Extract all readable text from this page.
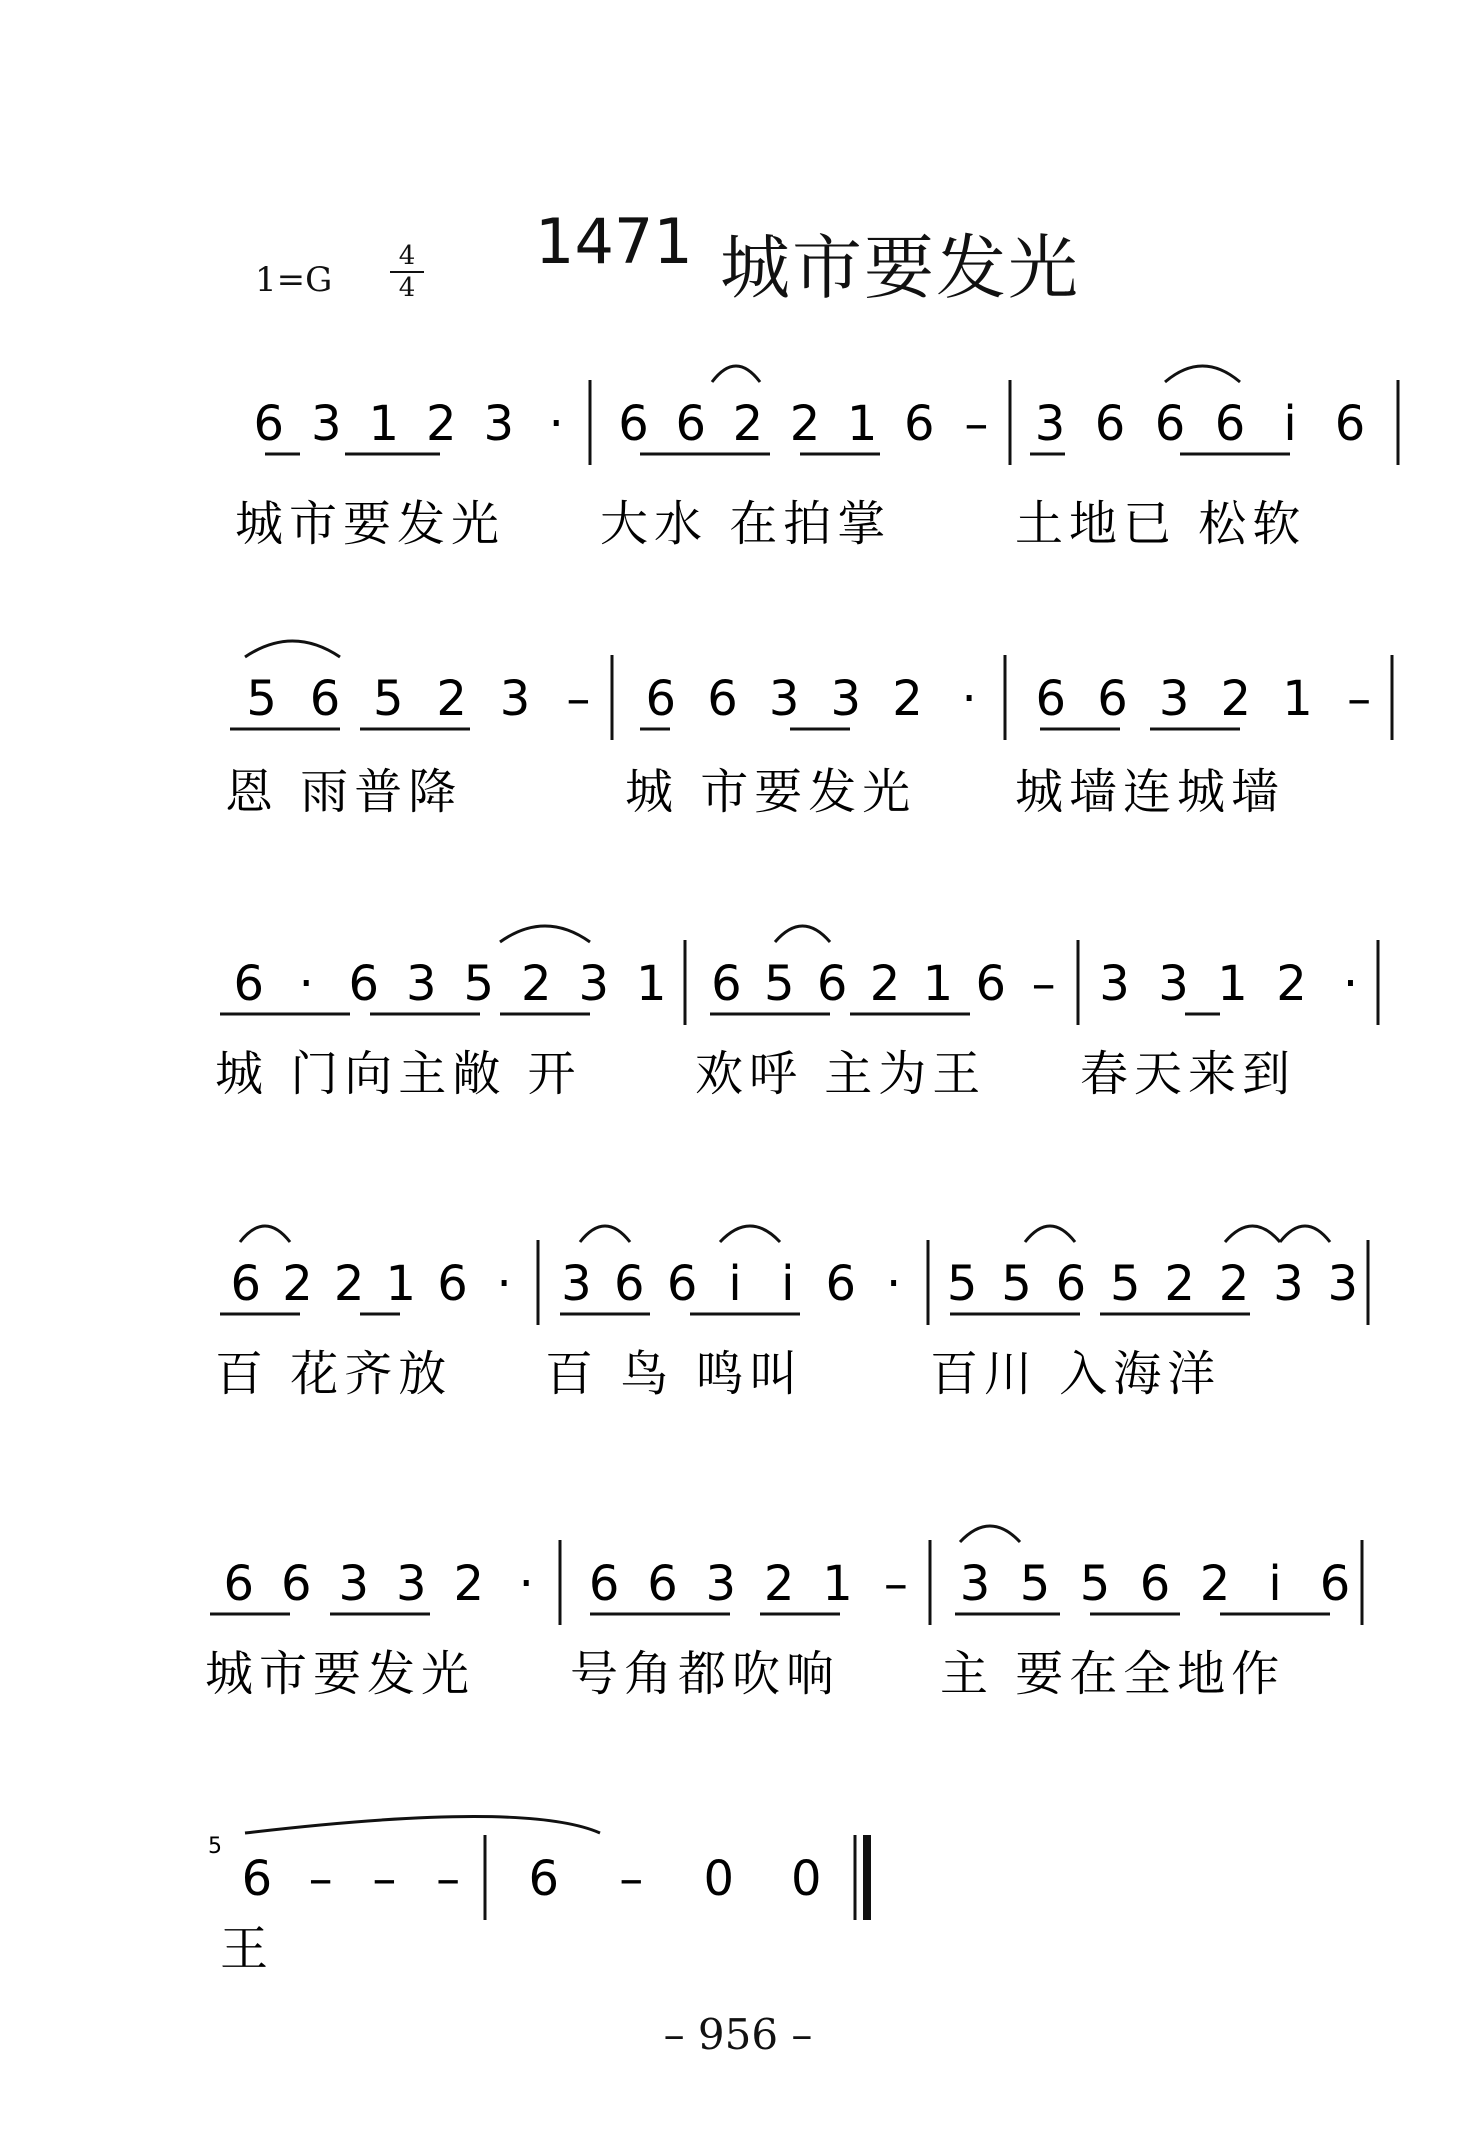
1471 城市要发光
1=G
4
4
6 3 1 2 3 ·
城市要发光
6 6 2 2 1 6 –
大水 在拍掌
3 6 6 6 i 6
土地已 松软
5 6 5 2 3 –
恩 雨普降
6 6 3 3 2 ·
城 市要发光
6 6 3 2 1 –
城墙连城墙
6 · 6 3 5 2 3 1
城 门向主敞 开
6 5 6 2 1 6 –
欢呼 主为王
3 3 1 2 ·
春天来到
6 2 2 1 6 ·
百 花齐放
3 6 6 i i 6 ·
百 鸟 鸣叫
5 5 6 5 2 2 3 3
百川 入海洋
6 6 3 3 2 ·
城市要发光
6 6 3 2 1 –
号角都吹响
3 5 5 6 2 i 6
主 要在全地作
5
6 – – –
王
6 – 0 0
– 956 –
